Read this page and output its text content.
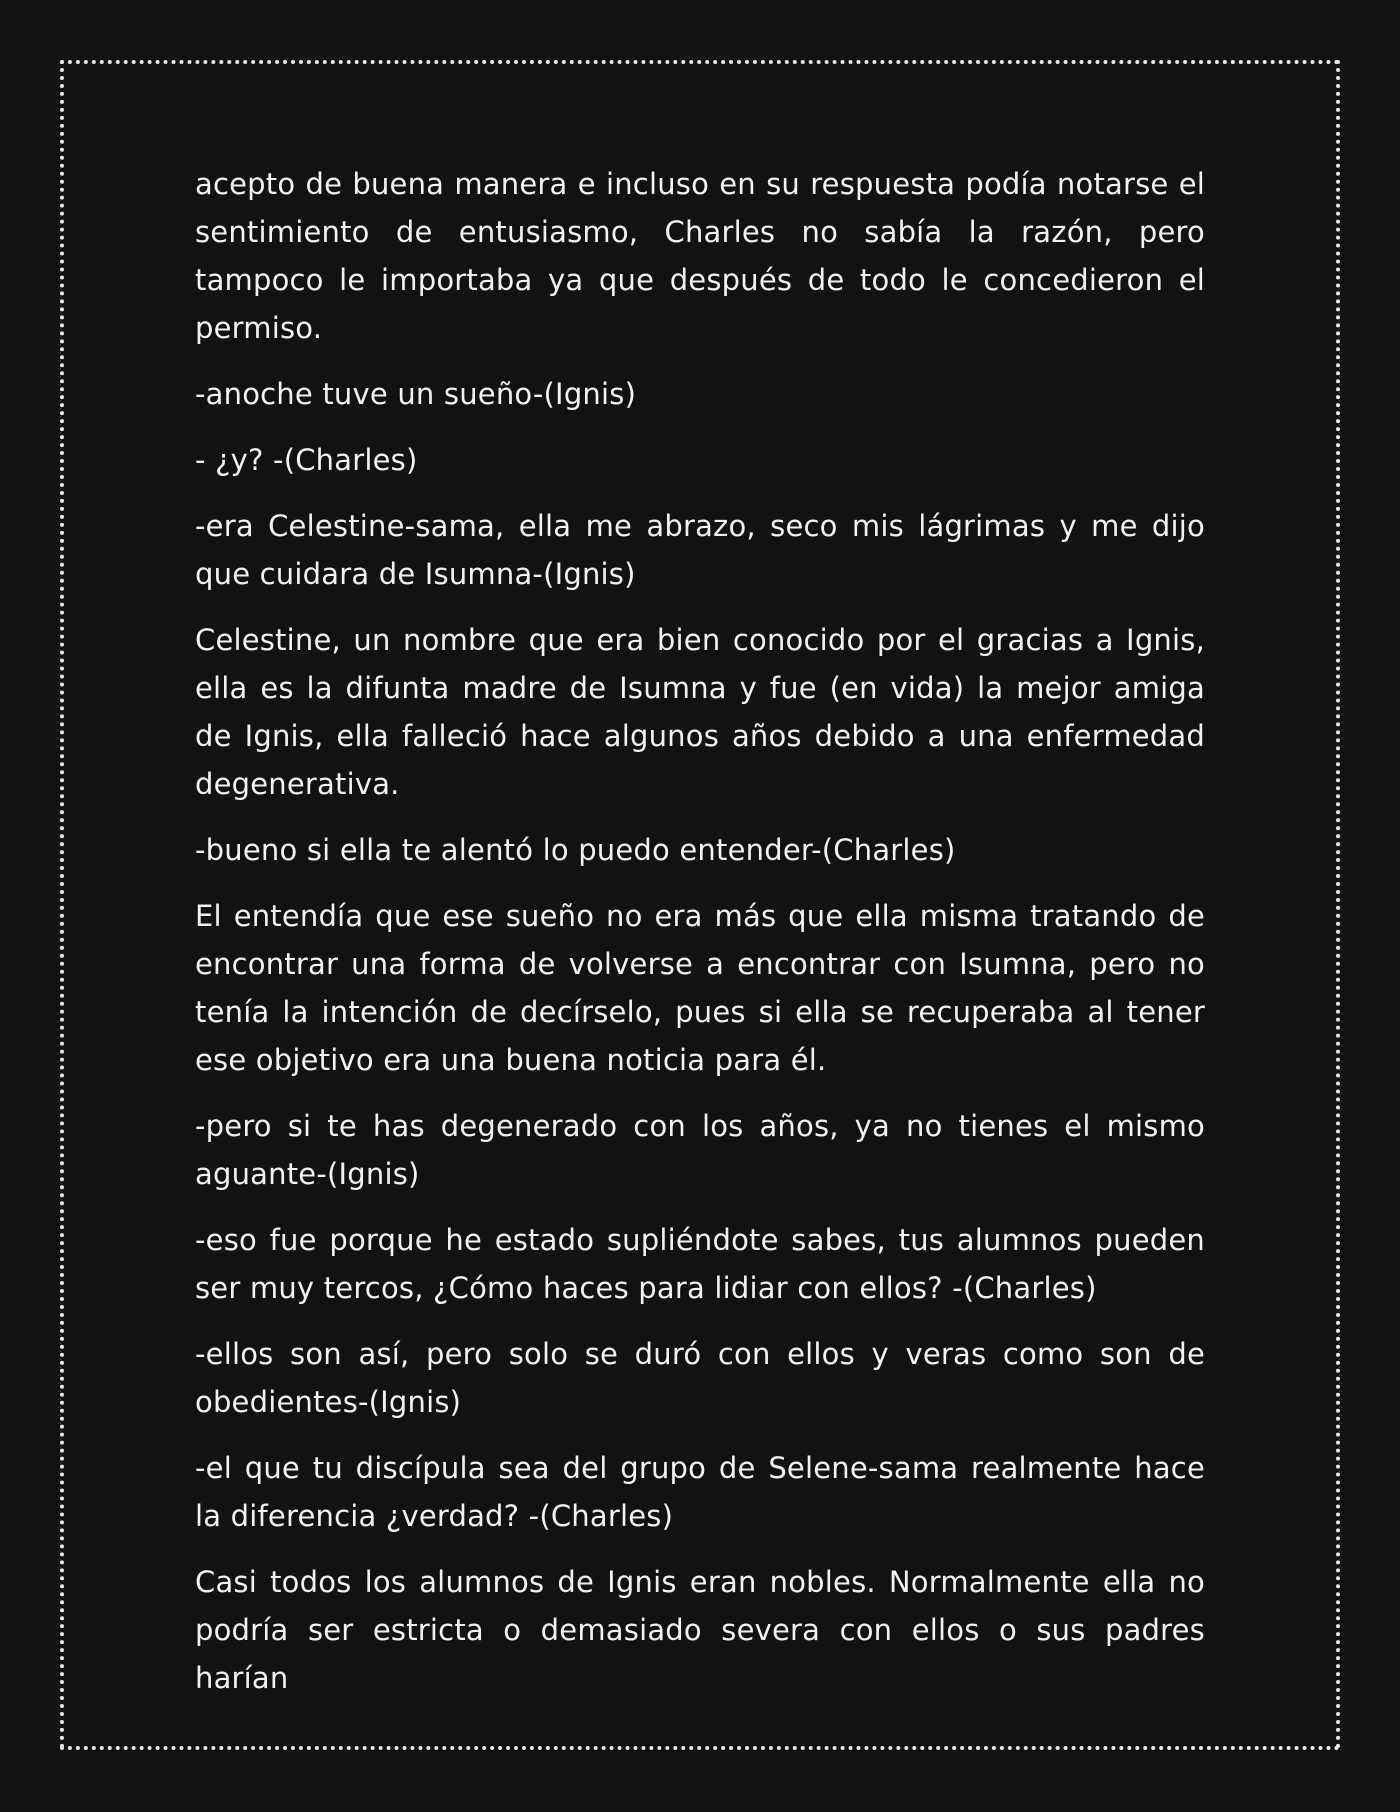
acepto de buena manera e incluso en su respuesta podía notarse el sentimiento de entusiasmo, Charles no sabía la razón, pero tampoco le importaba ya que después de todo le concedieron el permiso.

-anoche tuve un sueño-(Ignis)

- ¿y? -(Charles)

-era Celestine-sama, ella me abrazo, seco mis lágrimas y me dijo que cuidara de Isumna-(Ignis)

Celestine, un nombre que era bien conocido por el gracias a Ignis, ella es la difunta madre de Isumna y fue (en vida) la mejor amiga de Ignis, ella falleció hace algunos años debido a una enfermedad degenerativa.

-bueno si ella te alentó lo puedo entender-(Charles)

El entendía que ese sueño no era más que ella misma tratando de encontrar una forma de volverse a encontrar con Isumna, pero no tenía la intención de decírselo, pues si ella se recuperaba al tener ese objetivo era una buena noticia para él.

-pero si te has degenerado con los años, ya no tienes el mismo aguante-(Ignis)

-eso fue porque he estado supliéndote sabes, tus alumnos pueden ser muy tercos, ¿Cómo haces para lidiar con ellos? -(Charles)

-ellos son así, pero solo se duró con ellos y veras como son de obedientes-(Ignis)

-el que tu discípula sea del grupo de Selene-sama realmente hace la diferencia ¿verdad? -(Charles)

Casi todos los alumnos de Ignis eran nobles. Normalmente ella no podría ser estricta o demasiado severa con ellos o sus padres harían
